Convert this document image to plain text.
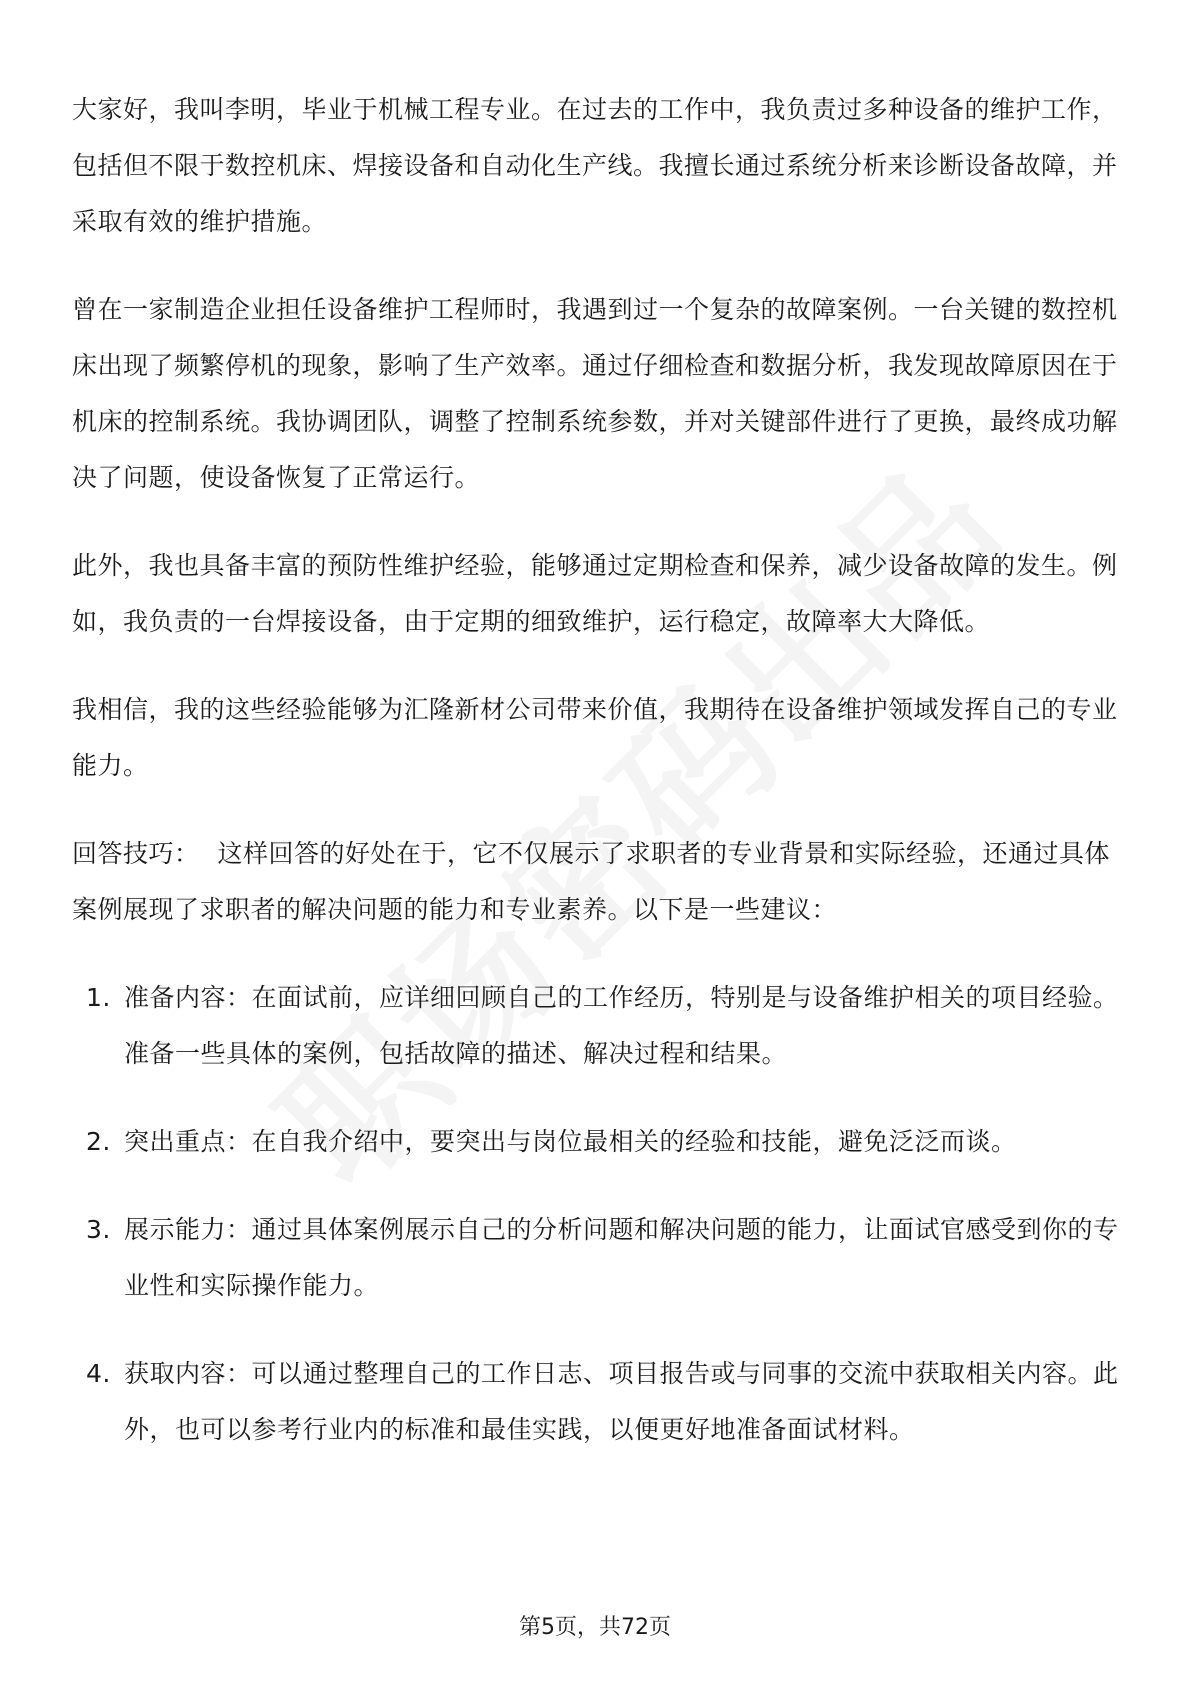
大家好，我叫李明，毕业于机械工程专业。在过去的工作中，我负责过多种设备的维护工作，包括但不限于数控机床、焊接设备和自动化生产线。我擅长通过系统分析来诊断设备故障，并采取有效的维护措施。

曾在一家制造企业担任设备维护工程师时，我遇到过一个复杂的故障案例。一台关键的数控机床出现了频繁停机的现象，影响了生产效率。通过仔细检查和数据分析，我发现故障原因在于机床的控制系统。我协调团队，调整了控制系统参数，并对关键部件进行了更换，最终成功解决了问题，使设备恢复了正常运行。

此外，我也具备丰富的预防性维护经验，能够通过定期检查和保养，减少设备故障的发生。例如，我负责的一台焊接设备，由于定期的细致维护，运行稳定，故障率大大降低。

我相信，我的这些经验能够为汇隆新材公司带来价值，我期待在设备维护领域发挥自己的专业能力。

回答技巧： 这样回答的好处在于，它不仅展示了求职者的专业背景和实际经验，还通过具体案例展现了求职者的解决问题的能力和专业素养。以下是一些建议：

1. 准备内容：在面试前，应详细回顾自己的工作经历，特别是与设备维护相关的项目经验。准备一些具体的案例，包括故障的描述、解决过程和结果。
2. 突出重点：在自我介绍中，要突出与岗位最相关的经验和技能，避免泛泛而谈。
3. 展示能力：通过具体案例展示自己的分析问题和解决问题的能力，让面试官感受到你的专业性和实际操作能力。
4. 获取内容：可以通过整理自己的工作日志、项目报告或与同事的交流中获取相关内容。此外，也可以参考行业内的标准和最佳实践，以便更好地准备面试材料。
第5页，共72页
